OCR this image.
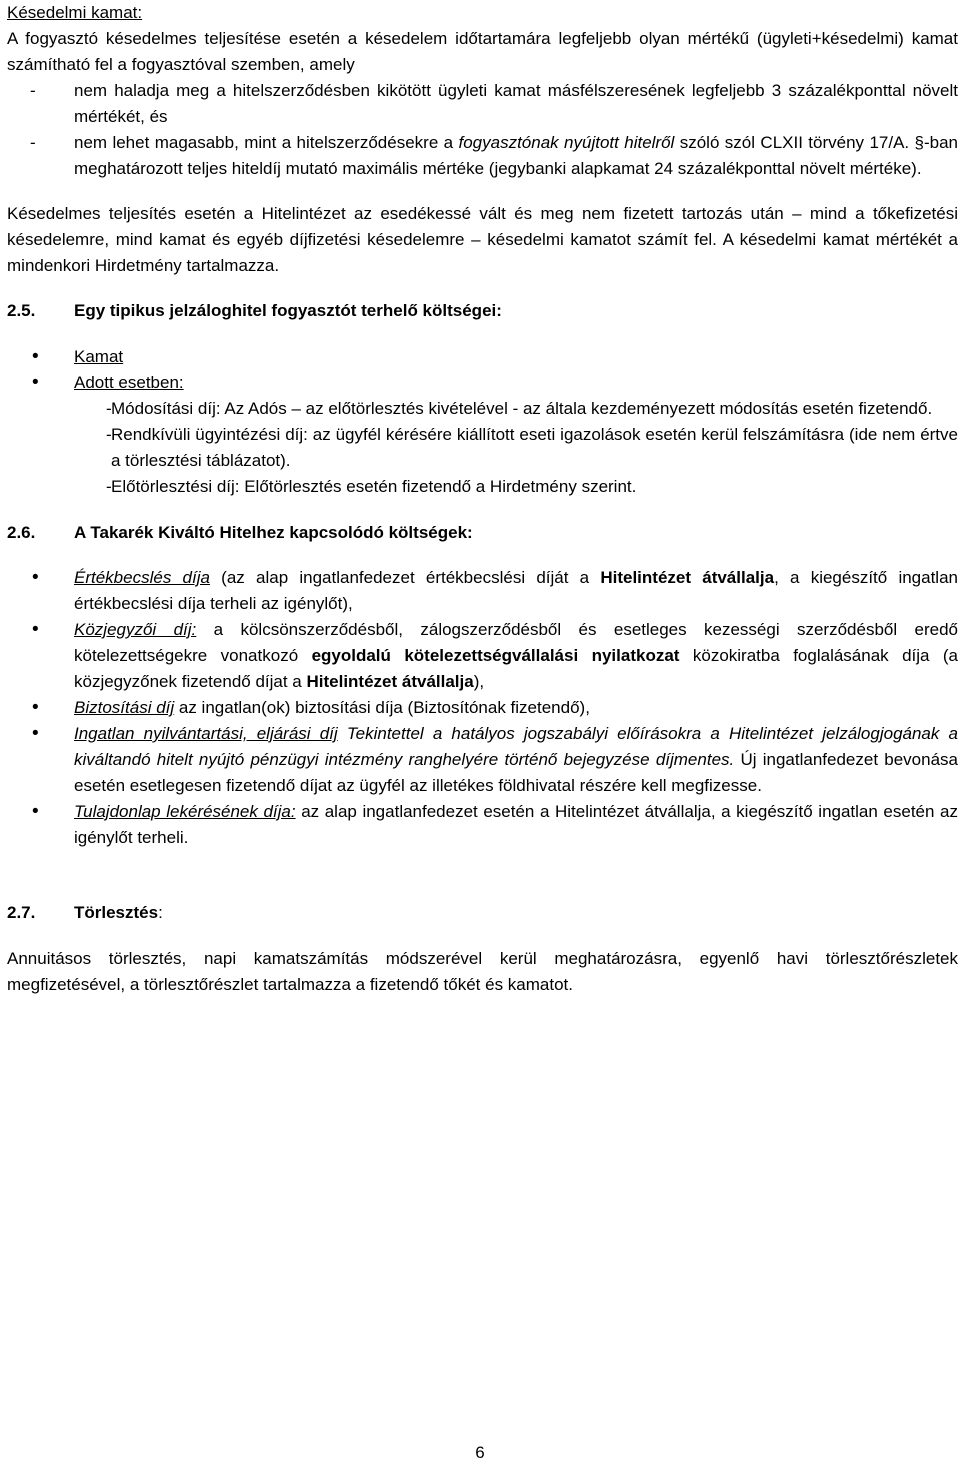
Késedelmi kamat:

A fogyasztó késedelmes teljesítése esetén a késedelem időtartamára legfeljebb olyan mértékű (ügyleti+késedelmi) kamat számítható fel a fogyasztóval szemben, amely

-	nem haladja meg a hitelszerződésben kikötött ügyleti kamat másfélszeresének legfeljebb 3 százalékponttal növelt mértékét, és
-	nem lehet magasabb, mint a hitelszerződésekre a fogyasztónak nyújtott hitelről szóló szól CLXII törvény 17/A. §-ban meghatározott teljes hiteldíj mutató maximális mértéke (jegybanki alapkamat 24 százalékponttal növelt mértéke).

Késedelmes teljesítés esetén a Hitelintézet az esedékessé vált és meg nem fizetett tartozás után – mind a tőkefizetési késedelemre, mind kamat és egyéb díjfizetési késedelemre – késedelmi kamatot számít fel. A késedelmi kamat mértékét a mindenkori Hirdetmény tartalmazza.

2.5.	Egy tipikus jelzáloghitel fogyasztót terhelő költségei:
• Kamat
• Adott esetben:
- Módosítási díj: Az Adós – az előtörlesztés kivételével - az általa kezdeményezett módosítás esetén fizetendő.
- Rendkívüli ügyintézési díj: az ügyfél kérésére kiállított eseti igazolások esetén kerül felszámításra (ide nem értve a törlesztési táblázatot).
- Előtörlesztési díj: Előtörlesztés esetén fizetendő a Hirdetmény szerint.
2.6.	A Takarék Kiváltó Hitelhez kapcsolódó költségek:
• Értékbecslés díja (az alap ingatlanfedezet értékbecslési díját a Hitelintézet átvállalja, a kiegészítő ingatlan értékbecslési díja terheli az igénylőt),
• Közjegyzői díj: a kölcsönszerződésből, zálogszerződésből és esetleges kezességi szerződésből eredő kötelezettségekre vonatkozó egyoldalú kötelezettségvállalási nyilatkozat közokiratba foglalásának díja (a közjegyzőnek fizetendő díjat a Hitelintézet átvállalja),
• Biztosítási díj az ingatlan(ok) biztosítási díja (Biztosítónak fizetendő),
• Ingatlan nyilvántartási, eljárási díj Tekintettel a hatályos jogszabályi előírásokra a Hitelintézet jelzálogjogának a kiváltandó hitelt nyújtó pénzügyi intézmény ranghelyére történő bejegyzése díjmentes. Új ingatlanfedezet bevonása esetén esetlegesen fizetendő díjat az ügyfél az illetékes földhivatal részére kell megfizesse.
• Tulajdonlap lekérésének díja: az alap ingatlanfedezet esetén a Hitelintézet átvállalja, a kiegészítő ingatlan esetén az igénylőt terheli.
2.7.	Törlesztés :

Annuitásos törlesztés, napi kamatszámítás módszerével kerül meghatározásra, egyenlő havi törlesztőrészletek megfizetésével, a törlesztőrészlet tartalmazza a fizetendő tőkét és kamatot.

6
